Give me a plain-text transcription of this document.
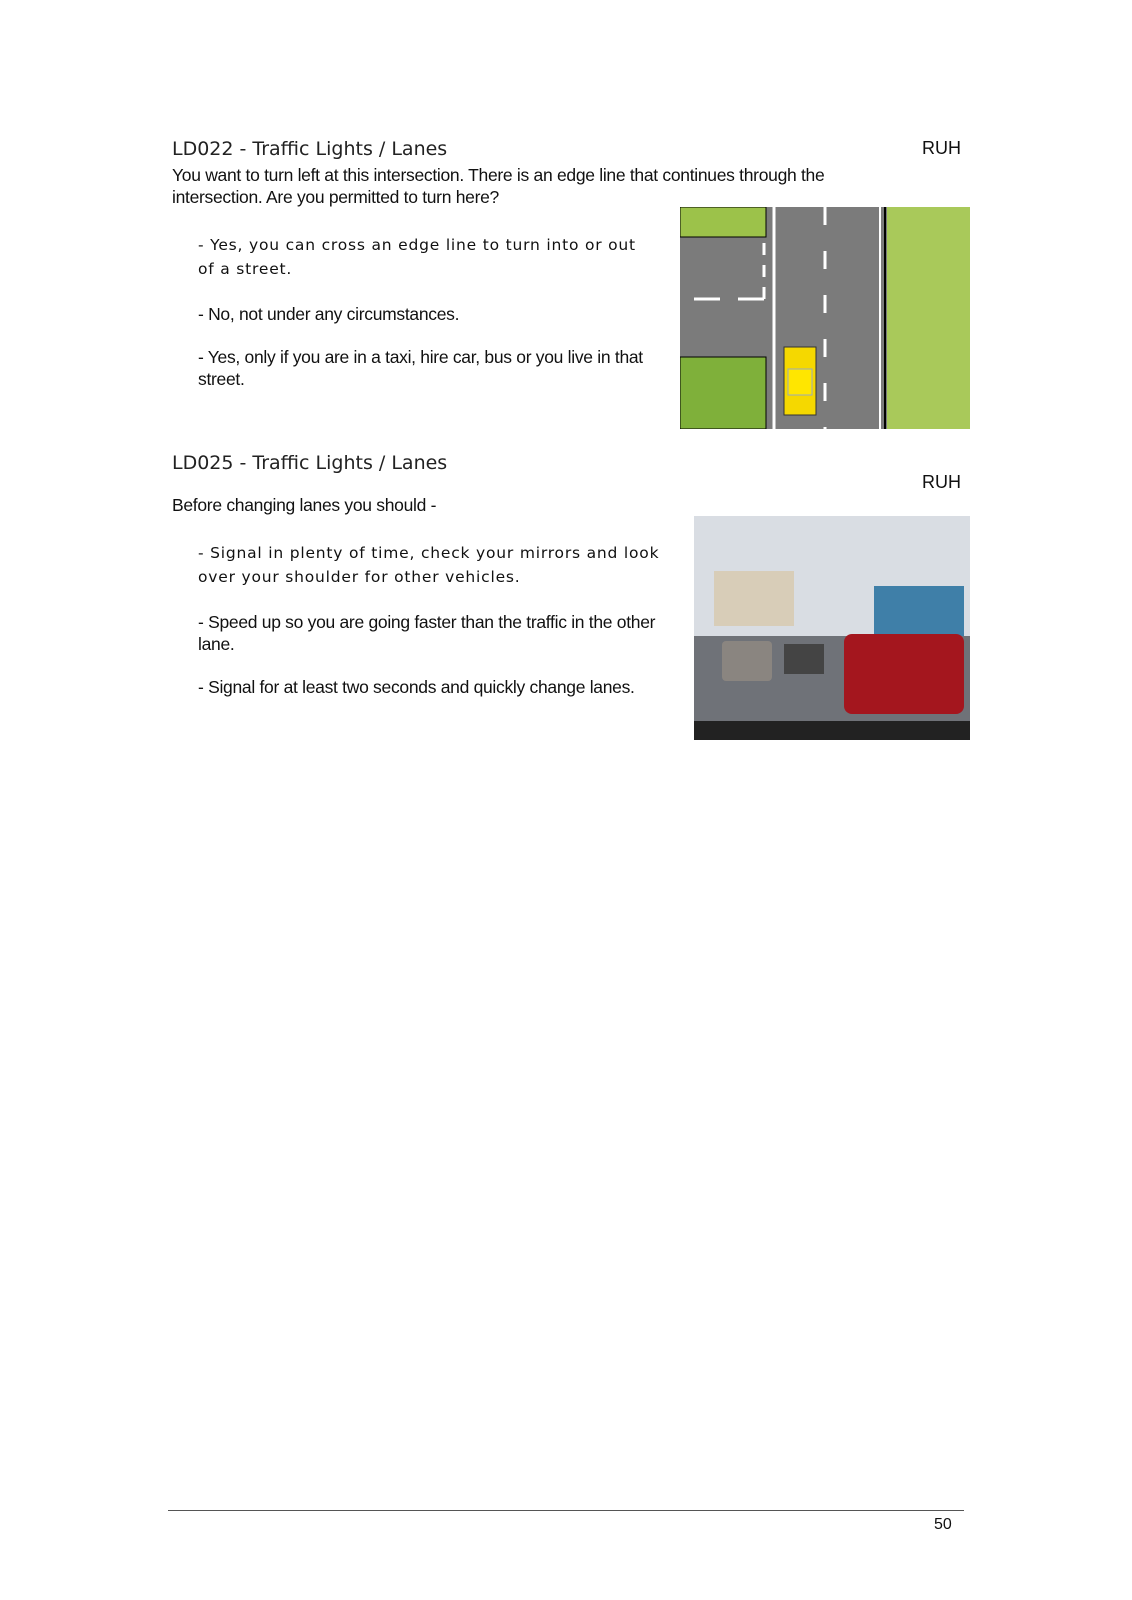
LD022 - Traffic Lights / Lanes	RUH
You want to turn left at this intersection. There is an edge line that continues through the intersection. Are you permitted to turn here?
- Yes, you can cross an edge line to turn into or out of a street.
- No, not under any circumstances.
- Yes, only if you are in a taxi, hire car, bus or you live in that street.
LD025 - Traffic Lights / Lanes
RUH
Before changing lanes you should -
- Signal in plenty of time, check your mirrors and look over your shoulder for other vehicles.
- Speed up so you are going faster than the traffic in the other lane.
- Signal for at least two seconds and quickly change lanes.
50
